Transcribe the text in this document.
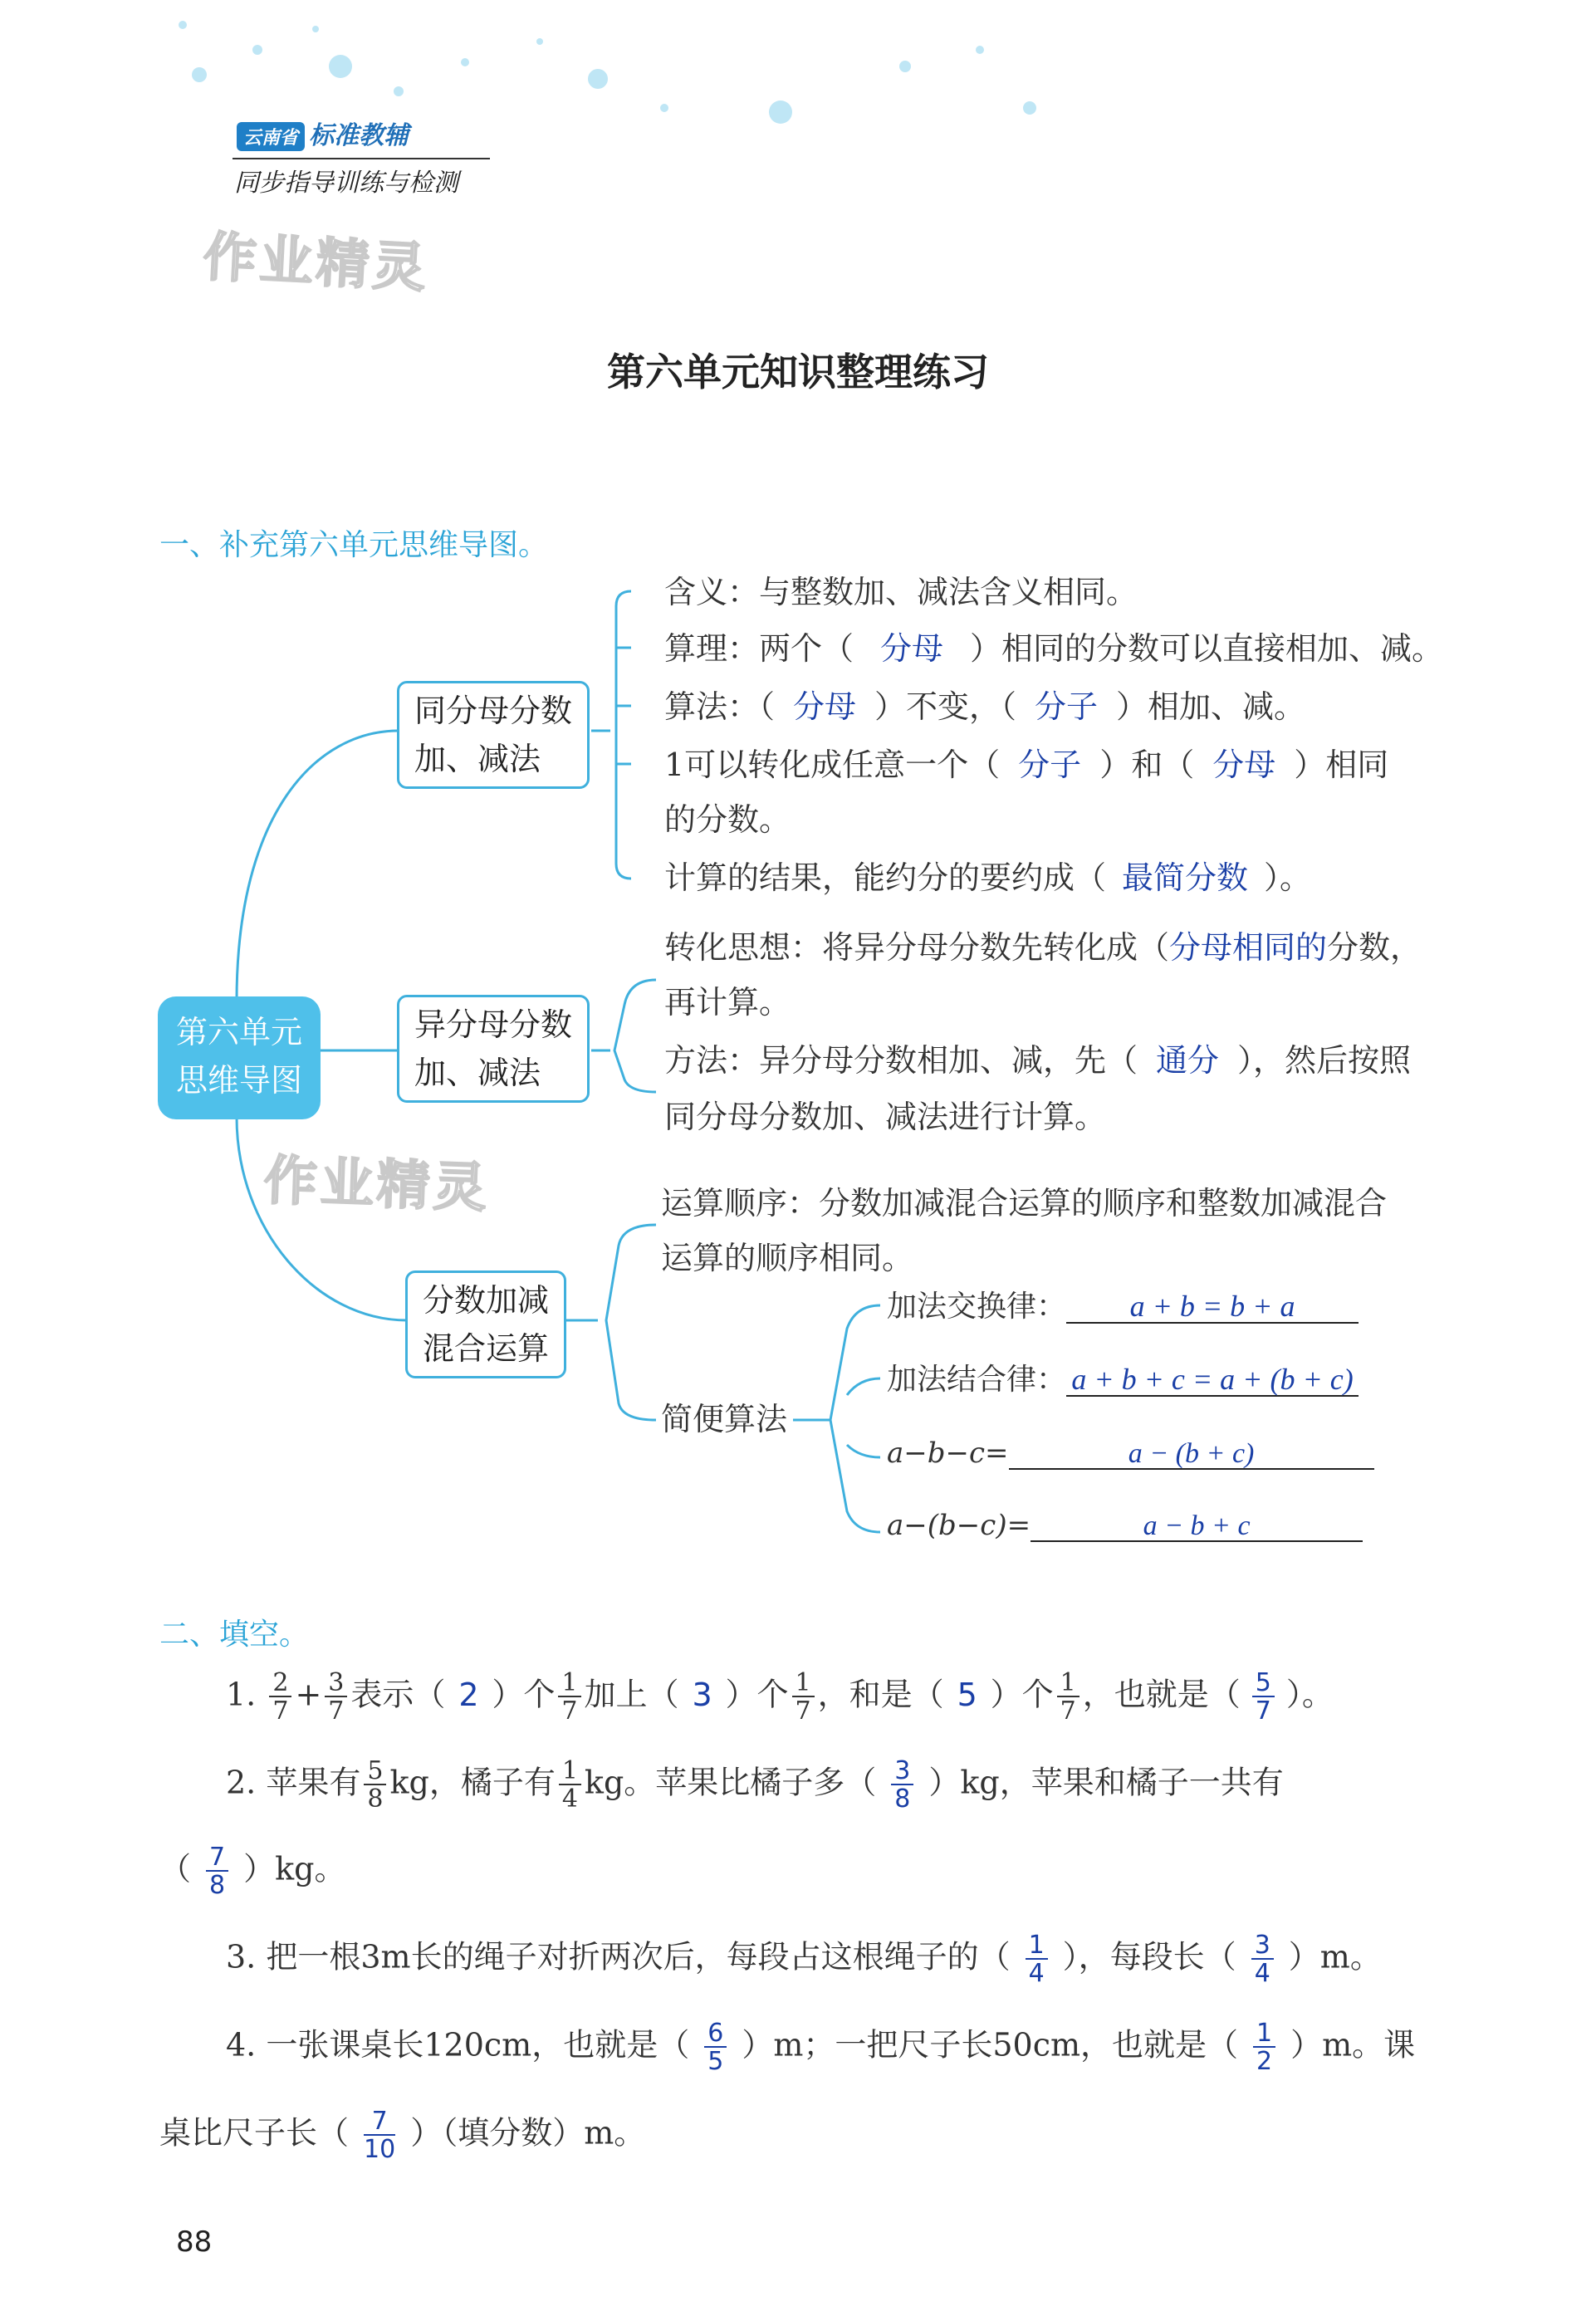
云南省 标准教辅
同步指导训练与检测
作业精灵
第六单元知识整理练习
一、补充第六单元思维导图。
第六单元
思维导图
同分母分数
加、减法
含义：与整数加、减法含义相同。
算理：两个（ 分母 ）相同的分数可以直接相加、减。
算法：（ 分母 ）不变，（ 分子 ）相加、减。
1可以转化成任意一个（ 分子 ）和（ 分母 ）相同
的分数。
计算的结果，能约分的要约成（ 最简分数 ）。
异分母分数
加、减法
转化思想：将异分母分数先转化成（分母相同的分数，
再计算。
方法：异分母分数相加、减，先（ 通分 ），然后按照
同分母分数加、减法进行计算。
作业精灵
分数加减
混合运算
运算顺序：分数加减混合运算的顺序和整数加减混合
运算的顺序相同。
简便算法
加法交换律： a + b = b + a
加法结合律： a + b + c = a + (b + c)
a−b−c=	a − (b + c)
a−(b−c)=	a − b + c
二、填空。
1. $\frac{2}{7} + \frac{3}{7}$ 表示（ 2 ）个 $\frac{1}{7}$ 加上（ 3 ）个 $\frac{1}{7}$ ，和是（ 5 ）个 $\frac{1}{7}$ ，也就是（ $\frac{5}{7}$ ）。
2. 苹果有 $\frac{5}{8}$ kg，橘子有 $\frac{1}{4}$ kg。苹果比橘子多（ $\frac{3}{8} )kg$，苹果和橘子一共有
（ $\frac{7}{8} )kg$。
3. 把一根3m长的绳子对折两次后，每段占这根绳子的（ $\frac{1}{4}$ ），每段长（ $\frac{3}{4} )m$。
4. 一张课桌长120cm，也就是（ $\frac{6}{5} )m$；一把尺子长50cm，也就是（ $\frac{1}{2} )m$。课
桌比尺子长（ $\frac{7}{10}$ ）（填分数）m。
88
